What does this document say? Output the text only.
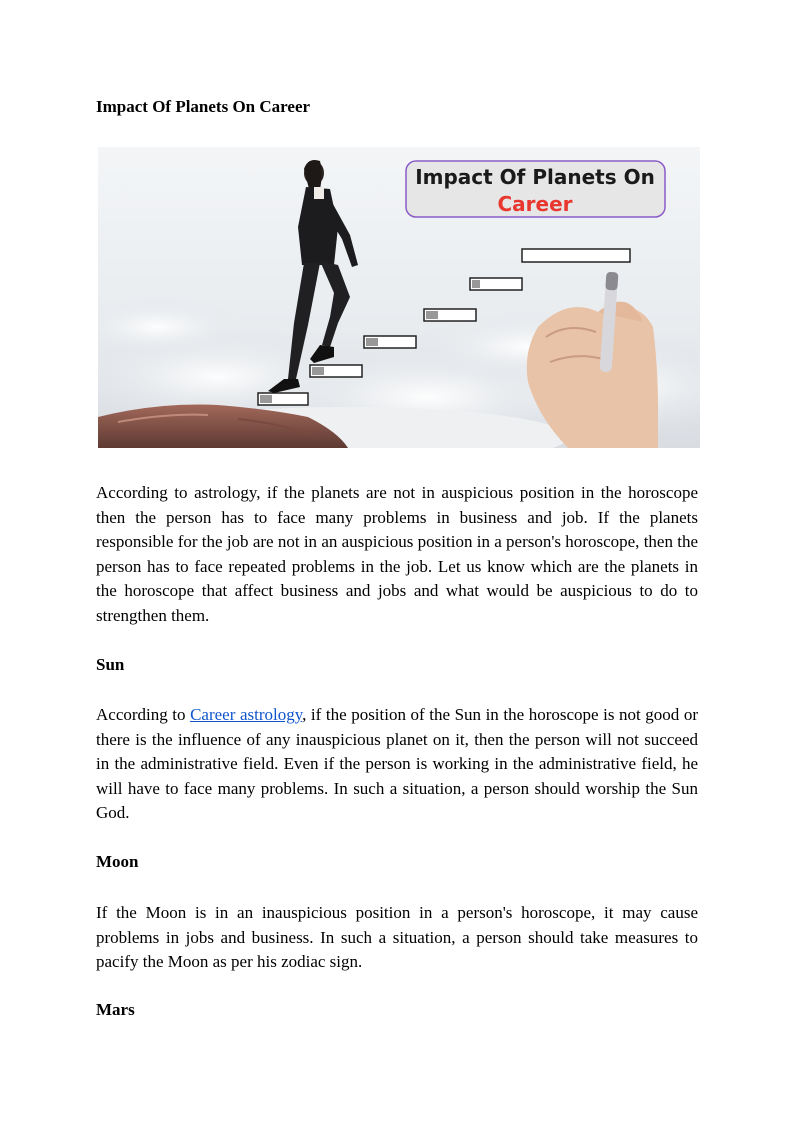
Impact Of Planets On Career
Impact Of Planets On
Career

According to astrology, if the planets are not in auspicious position in the horoscope then the person has to face many problems in business and job. If the planets responsible for the job are not in an auspicious position in a person's horoscope, then the person has to face repeated problems in the job. Let us know which are the planets in the horoscope that affect business and jobs and what would be auspicious to do to strengthen them.

Sun

According to Career astrology, if the position of the Sun in the horoscope is not good or there is the influence of any inauspicious planet on it, then the person will not succeed in the administrative field. Even if the person is working in the administrative field, he will have to face many problems. In such a situation, a person should worship the Sun God.

Moon

If the Moon is in an inauspicious position in a person's horoscope, it may cause problems in jobs and business. In such a situation, a person should take measures to pacify the Moon as per his zodiac sign.

Mars
